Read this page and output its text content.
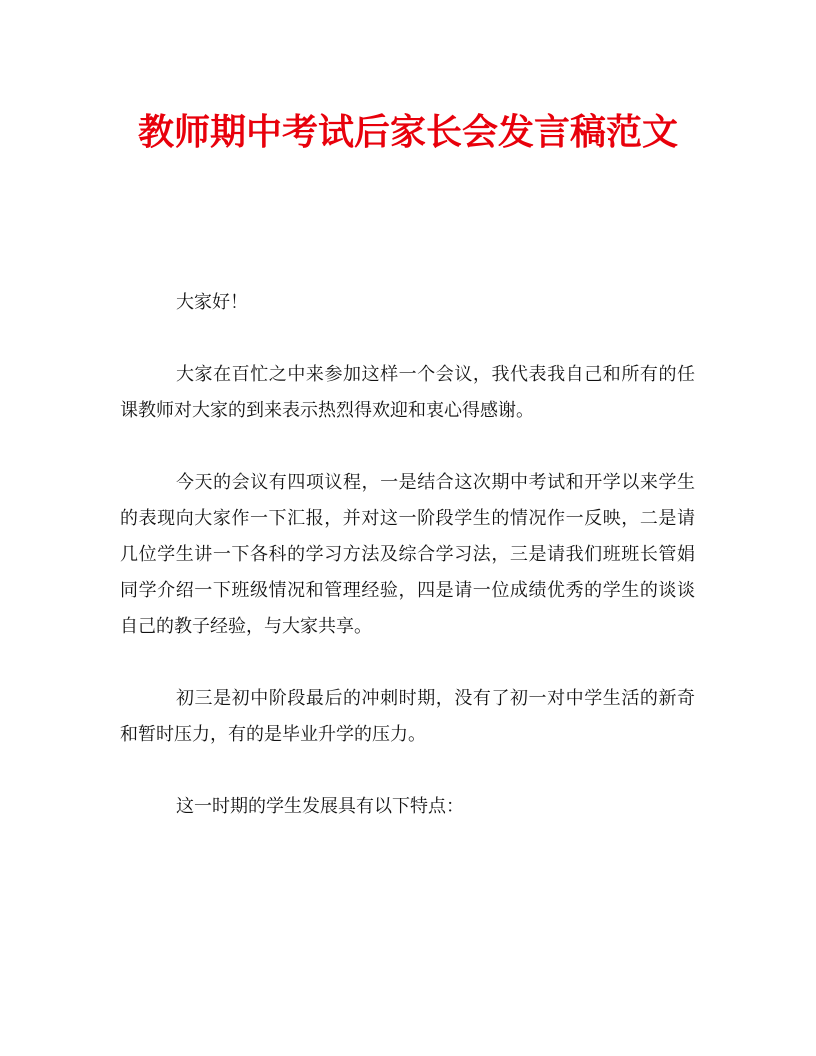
教师期中考试后家长会发言稿范文

大家好！

大家在百忙之中来参加这样一个会议，我代表我自己和所有的任课教师对大家的到来表示热烈得欢迎和衷心得感谢。

今天的会议有四项议程，一是结合这次期中考试和开学以来学生的表现向大家作一下汇报，并对这一阶段学生的情况作一反映，二是请几位学生讲一下各科的学习方法及综合学习法，三是请我们班班长管娟同学介绍一下班级情况和管理经验，四是请一位成绩优秀的学生的谈谈自己的教子经验，与大家共享。

初三是初中阶段最后的冲刺时期，没有了初一对中学生活的新奇和暂时压力，有的是毕业升学的压力。

这一时期的学生发展具有以下特点：
